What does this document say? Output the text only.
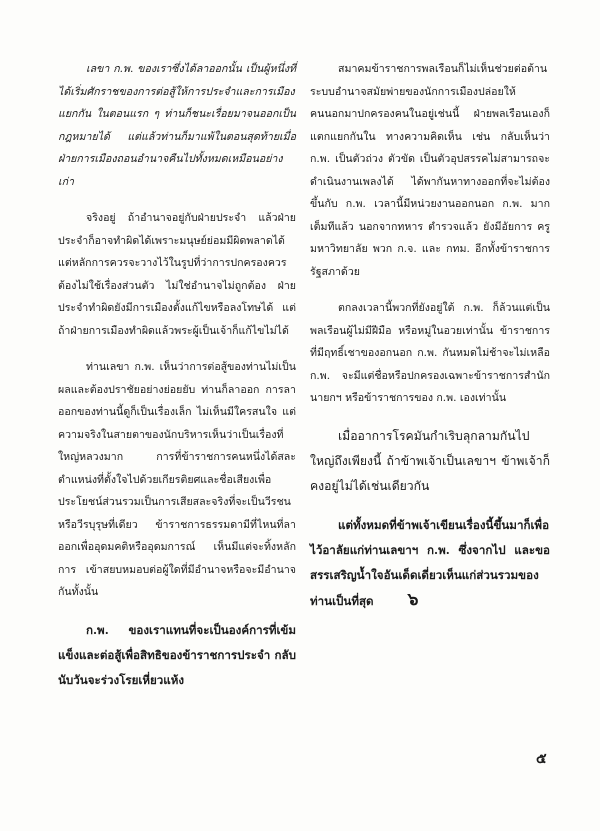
เลขา ก.พ. ของเราซึ่งได้ลาออกนั้น เป็นผู้หนึ่งที่ได้เริ่มศักราชของการต่อสู้ให้การประจำและการเมืองแยกกัน ในตอนแรก ๆ ท่านก็ชนะเรื่อยมาจนออกเป็นกฎหมายได้ แต่แล้วท่านก็มาแพ้ในตอนสุดท้ายเมื่อฝ่ายการเมืองถอนอำนาจคืนไปทั้งหมดเหมือนอย่างเก่า

จริงอยู่ ถ้าอำนาจอยู่กับฝ่ายประจำ แล้วฝ่ายประจำก็อาจทำผิดได้เพราะมนุษย์ย่อมมีผิดพลาดได้ แต่หลักการควรจะวางไว้ในรูปที่ว่าการปกครองควรต้องไม่ใช้เรื่องส่วนตัว ไม่ใช่อำนาจไม่ถูกต้อง ฝ่ายประจำทำผิดยังมีการเมืองตั้งแก้ไขหรือลงโทษได้ แต่ถ้าฝ่ายการเมืองทำผิดแล้วพระผู้เป็นเจ้าก็แก้ไขไม่ได้

ท่านเลขา ก.พ. เห็นว่าการต่อสู้ของท่านไม่เป็นผลและต้องปราชัยอย่างย่อยยับ ท่านก็ลาออก การลาออกของท่านนี้ดูก็เป็นเรื่องเล็ก ไม่เห็นมีใครสนใจ แต่ความจริงในสายตาของนักบริหารเห็นว่าเป็นเรื่องที่ใหญ่หลวงมาก การที่ข้าราชการคนหนึ่งได้สละตำแหน่งที่ตั้งใจไปด้วยเกียรติยศและชื่อเสียงเพื่อประโยชน์ส่วนรวมเป็นการเสียสละจริงที่จะเป็นวีรชนหรือวีรบุรุษที่เดียว ข้าราชการธรรมดามีที่ไหนที่ลาออกเพื่ออุดมคติหรืออุดมการณ์ เห็นมีแต่จะทิ้งหลักการ เข้าสยบหมอบต่อผู้ใดที่มีอำนาจหรือจะมีอำนาจกันทั้งนั้น

ก.พ. ของเราแทนที่จะเป็นองค์การที่เข้มแข็งและต่อสู้เพื่อสิทธิของข้าราชการประจำ กลับนับวันจะร่วงโรยเหี่ยวแห้ง

สมาคมข้าราชการพลเรือนก็ไม่เห็นช่วยต่อต้านระบบอำนาจสมัยพ่ายของนักการเมืองปล่อยให้คนนอกมาปกครองคนในอยู่เช่นนี้ ฝ่ายพลเรือนเองก็แตกแยกกันใน ทางความคิดเห็น เช่น กลับเห็นว่า ก.พ. เป็นตัวถ่วง ตัวขัด เป็นตัวอุปสรรคไม่สามารถจะดำเนินงานเพลงได้ ได้พากันหาทางออกที่จะไม่ต้องขึ้นกับ ก.พ. เวลานี้มีหน่วยงานออกนอก ก.พ. มากเต็มทีแล้ว นอกจากทหาร ตำรวจแล้ว ยังมีอัยการ ครู มหาวิทยาลัย พวก ก.จ. และ กทม. อีกทั้งข้าราชการรัฐสภาด้วย

ตกลงเวลานี้พวกที่ยังอยู่ใต้ ก.พ. ก็ล้วนแต่เป็นพลเรือนผู้ไม่มีฝีมือ หรือหมู่ในอวยเท่านั้น ข้าราชการที่มีฤทธิ์เชาของอกนอก ก.พ. กันหมดไม่ช้าจะไม่เหลือ ก.พ. จะมีแต่ชื่อหรือปกครองเฉพาะข้าราชการสำนักนายกฯ หรือข้าราชการของ ก.พ. เองเท่านั้น

เมื่ออาการโรคมันกำเริบลุกลามกันไปใหญ่ถึงเพียงนี้ ถ้าข้าพเจ้าเป็นเลขาฯ ข้าพเจ้าก็คงอยู่ไม่ได้เช่นเดียวกัน

แต่ทั้งหมดที่ข้าพเจ้าเขียนเรื่องนี้ขึ้นมาก็เพื่อไว้อาลัยแก่ท่านเลขาฯ ก.พ. ซึ่งจากไป และขอสรรเสริญน้ำใจอันเด็ดเดี่ยวเห็นแก่ส่วนรวมของท่านเป็นที่สุด ๖

๕
